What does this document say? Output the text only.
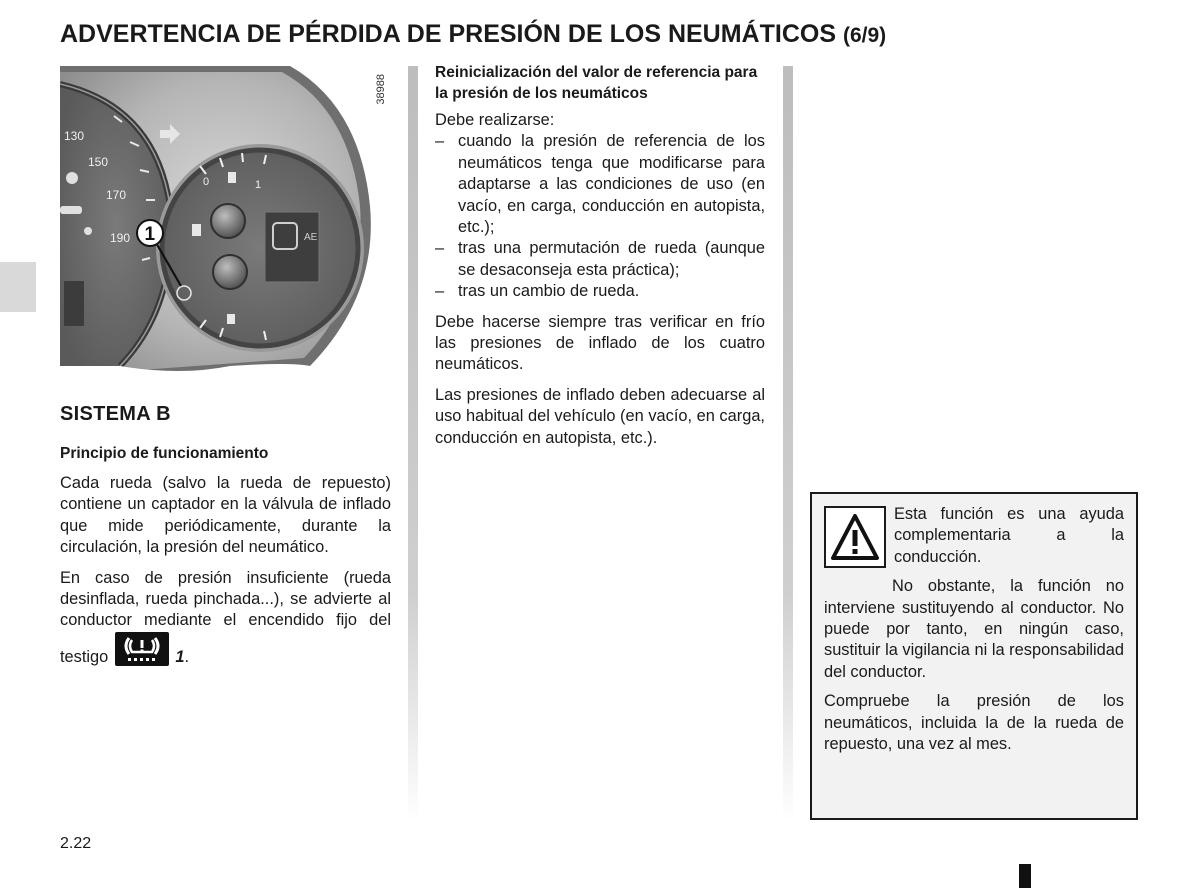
ADVERTENCIA DE PÉRDIDA DE PRESIÓN DE LOS NEUMÁTICOS (6/9)
130
150
170
190
0	1
AE
1
38988
SISTEMA B
Principio de funcionamiento

Cada rueda (salvo la rueda de repuesto) contiene un captador en la válvula de inflado que mide periódicamente, durante la circulación, la presión del neumático.

En caso de presión insuficiente (rueda desinflada, rueda pinchada...), se advierte al conductor mediante el encendido fijo del testigo	1.

Reinicialización del valor de referencia para la presión de los neumáticos

Debe realizarse:

– cuando la presión de referencia de los neumáticos tenga que modificarse para adaptarse a las condiciones de uso (en vacío, en carga, conducción en autopista, etc.);
– tras una permutación de rueda (aunque se desaconseja esta práctica);
– tras un cambio de rueda.

Debe hacerse siempre tras verificar en frío las presiones de inflado de los cuatro neumáticos.

Las presiones de inflado deben adecuarse al uso habitual del vehículo (en vacío, en carga, conducción en autopista, etc.).

Esta función es una ayuda complementaria a la conducción.

No obstante, la función no interviene sustituyendo al conductor. No puede por tanto, en ningún caso, sustituir la vigilancia ni la responsabilidad del conductor.

Compruebe la presión de los neumáticos, incluida la de la rueda de repuesto, una vez al mes.

2.22
